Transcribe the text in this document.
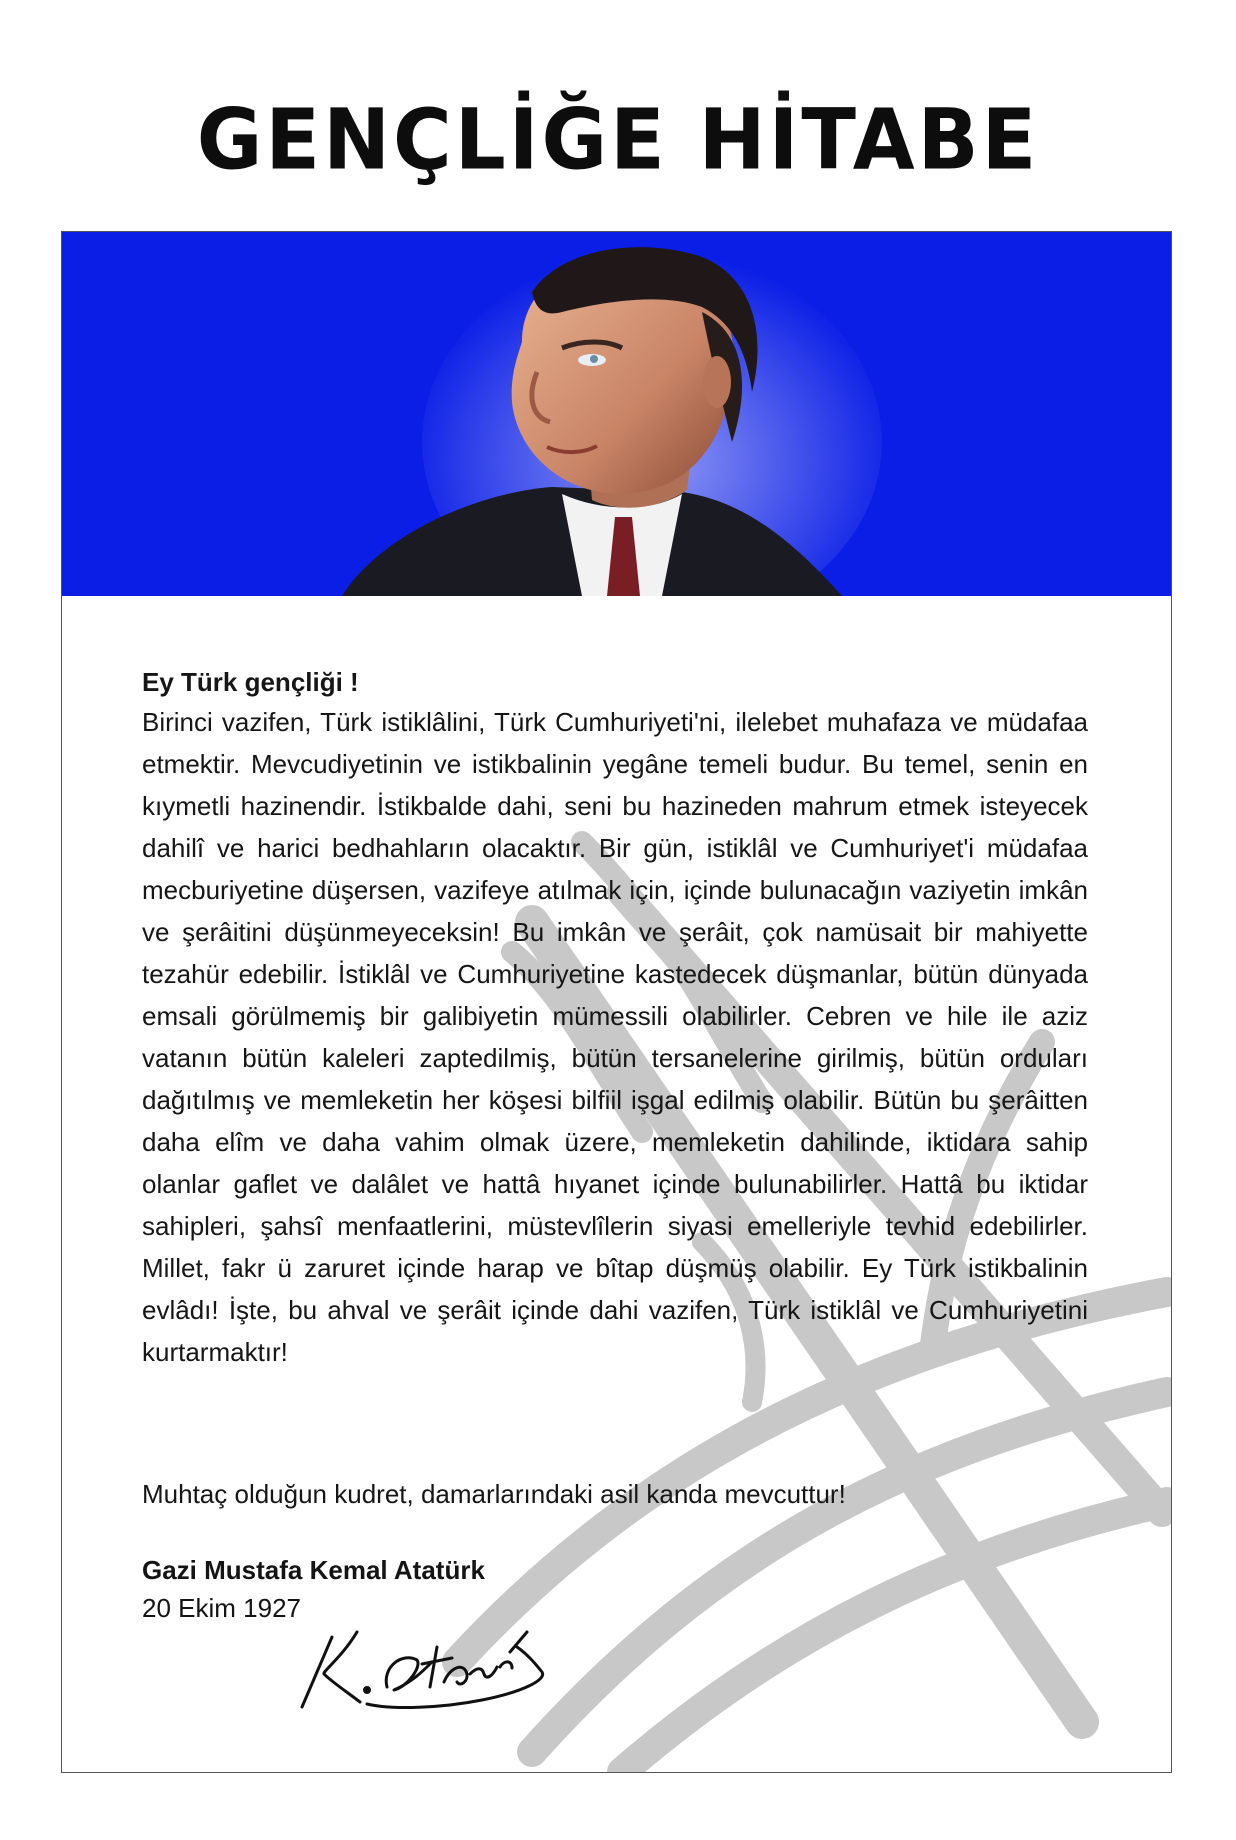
GENÇLİĞE HİTABE
Ey Türk gençliği !
Birinci vazifen, Türk istiklâlini, Türk Cumhuriyeti'ni, ilelebet muhafaza ve müdafaa etmektir. Mevcudiyetinin ve istikbalinin yegâne temeli budur. Bu temel, senin en kıymetli hazinendir. İstikbalde dahi, seni bu hazineden mahrum etmek isteyecek dahilî ve harici bedhahların olacaktır. Bir gün, istiklâl ve Cumhuriyet'i müdafaa mecburiyetine düşersen, vazifeye atılmak için, içinde bulunacağın vaziyetin imkân ve şerâitini düşünmeyeceksin! Bu imkân ve şerâit, çok namüsait bir mahiyette tezahür edebilir. İstiklâl ve Cumhuriyetine kastedecek düşmanlar, bütün dünyada emsali görülmemiş bir galibiyetin mümessili olabilirler. Cebren ve hile ile aziz vatanın bütün kaleleri zaptedilmiş, bütün tersanelerine girilmiş, bütün orduları dağıtılmış ve memleketin her köşesi bilfiil işgal edilmiş olabilir. Bütün bu şerâitten daha elîm ve daha vahim olmak üzere, memleketin dahilinde, iktidara sahip olanlar gaflet ve dalâlet ve hattâ hıyanet içinde bulunabilirler. Hattâ bu iktidar sahipleri, şahsî menfaatlerini, müstevlîlerin siyasi emelleriyle tevhid edebilirler. Millet, fakr ü zaruret içinde harap ve bîtap düşmüş olabilir. Ey Türk istikbalinin evlâdı! İşte, bu ahval ve şerâit içinde dahi vazifen, Türk istiklâl ve Cumhuriyetini kurtarmaktır!
Muhtaç olduğun kudret, damarlarındaki asil kanda mevcuttur!
Gazi Mustafa Kemal Atatürk
20 Ekim 1927
